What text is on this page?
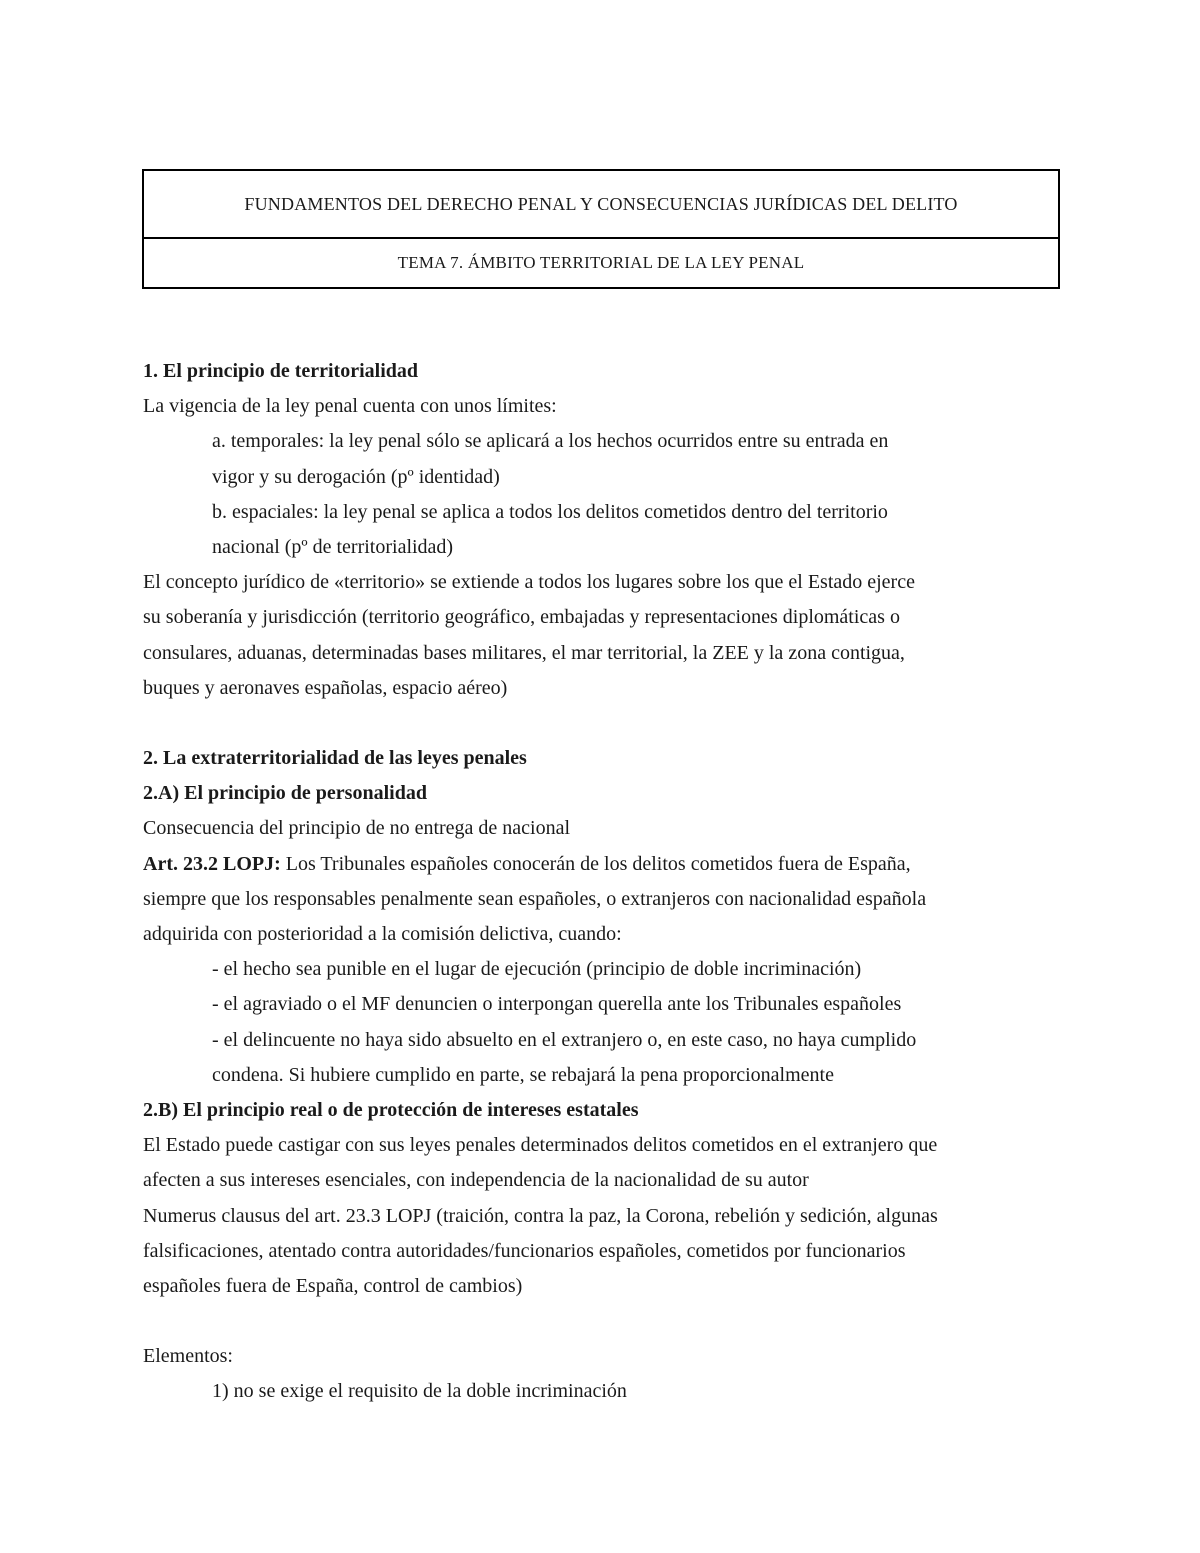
FUNDAMENTOS DEL DERECHO PENAL Y CONSECUENCIAS JURÍDICAS DEL DELITO
TEMA 7. ÁMBITO TERRITORIAL DE LA LEY PENAL
1. El principio de territorialidad
La vigencia de la ley penal cuenta con unos límites:
a. temporales: la ley penal sólo se aplicará a los hechos ocurridos entre su entrada en
vigor y su derogación (pº identidad)
b. espaciales: la ley penal se aplica a todos los delitos cometidos dentro del territorio
nacional (pº de territorialidad)
El concepto jurídico de «territorio» se extiende a todos los lugares sobre los que el Estado ejerce
su soberanía y jurisdicción (territorio geográfico, embajadas y representaciones diplomáticas o
consulares, aduanas, determinadas bases militares, el mar territorial, la ZEE y la zona contigua,
buques y aeronaves españolas, espacio aéreo)
2. La extraterritorialidad de las leyes penales
2.A) El principio de personalidad
Consecuencia del principio de no entrega de nacional
Art. 23.2 LOPJ: Los Tribunales españoles conocerán de los delitos cometidos fuera de España,
siempre que los responsables penalmente sean españoles, o extranjeros con nacionalidad española
adquirida con posterioridad a la comisión delictiva, cuando:
- el hecho sea punible en el lugar de ejecución (principio de doble incriminación)
- el agraviado o el MF denuncien o interpongan querella ante los Tribunales españoles
- el delincuente no haya sido absuelto en el extranjero o, en este caso, no haya cumplido
condena. Si hubiere cumplido en parte, se rebajará la pena proporcionalmente
2.B) El principio real o de protección de intereses estatales
El Estado puede castigar con sus leyes penales determinados delitos cometidos en el extranjero que
afecten a sus intereses esenciales, con independencia de la nacionalidad de su autor
Numerus clausus del art. 23.3 LOPJ (traición, contra la paz, la Corona, rebelión y sedición, algunas
falsificaciones, atentado contra autoridades/funcionarios españoles, cometidos por funcionarios
españoles fuera de España, control de cambios)
Elementos:
1) no se exige el requisito de la doble incriminación
